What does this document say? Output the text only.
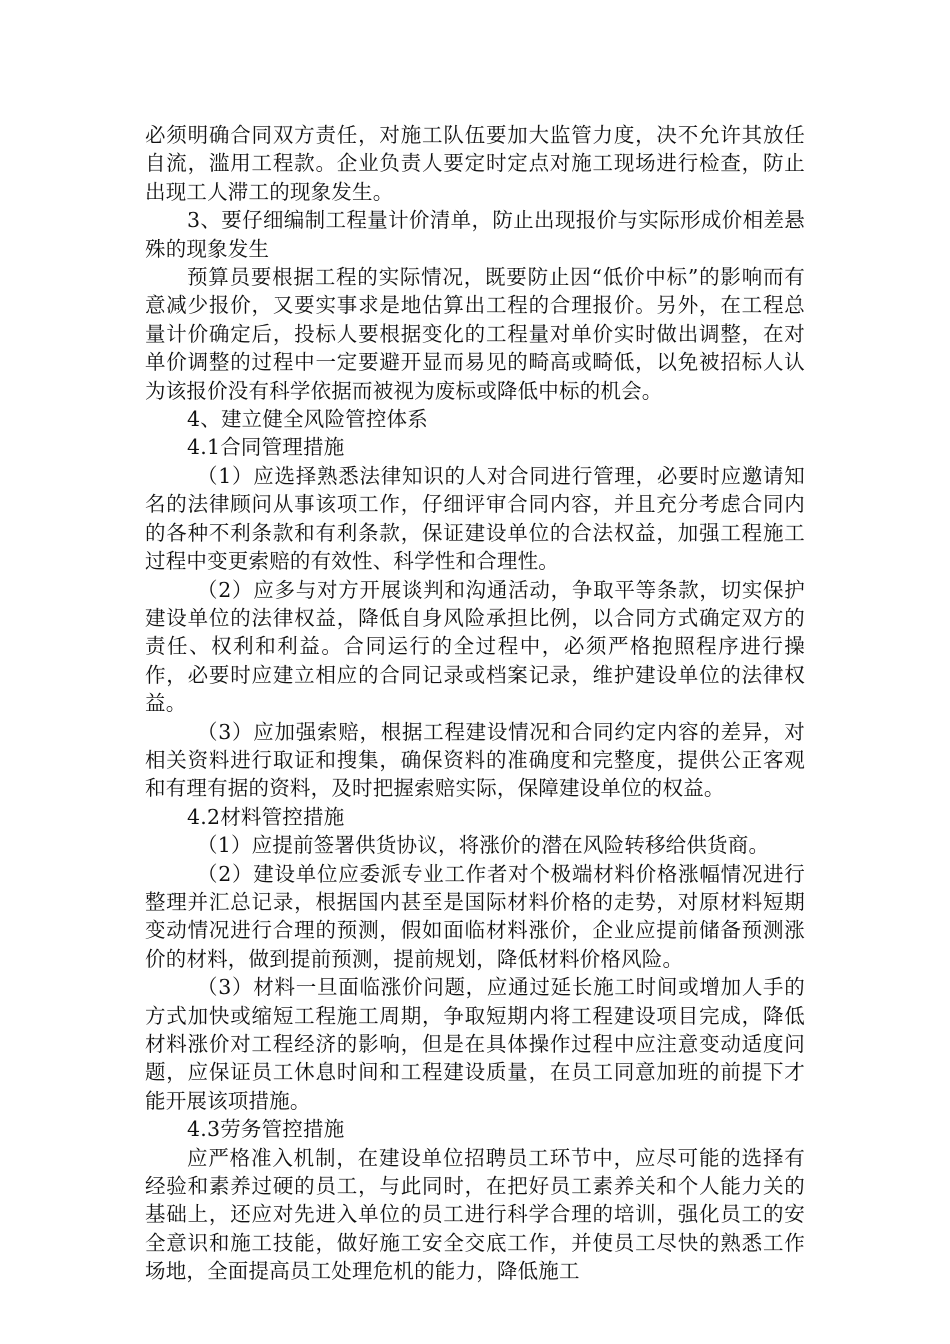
必须明确合同双方责任，对施工队伍要加大监管力度，决不允许其放任自流，滥用工程款。企业负责人要定时定点对施工现场进行检查，防止出现工人滞工的现象发生。

3、要仔细编制工程量计价清单，防止出现报价与实际形成价相差悬殊的现象发生

预算员要根据工程的实际情况，既要防止因“低价中标”的影响而有意减少报价，又要实事求是地估算出工程的合理报价。另外，在工程总量计价确定后，投标人要根据变化的工程量对单价实时做出调整，在对单价调整的过程中一定要避开显而易见的畸高或畸低，以免被招标人认为该报价没有科学依据而被视为废标或降低中标的机会。

4、建立健全风险管控体系

4.1合同管理措施

（1）应选择熟悉法律知识的人对合同进行管理，必要时应邀请知名的法律顾问从事该项工作，仔细评审合同内容，并且充分考虑合同内的各种不利条款和有利条款，保证建设单位的合法权益，加强工程施工过程中变更索赔的有效性、科学性和合理性。

（2）应多与对方开展谈判和沟通活动，争取平等条款，切实保护建设单位的法律权益，降低自身风险承担比例，以合同方式确定双方的责任、权利和利益。合同运行的全过程中，必须严格抱照程序进行操作，必要时应建立相应的合同记录或档案记录，维护建设单位的法律权益。

（3）应加强索赔，根据工程建设情况和合同约定内容的差异，对相关资料进行取证和搜集，确保资料的准确度和完整度，提供公正客观和有理有据的资料，及时把握索赔实际，保障建设单位的权益。

4.2材料管控措施

（1）应提前签署供货协议，将涨价的潜在风险转移给供货商。

（2）建设单位应委派专业工作者对个极端材料价格涨幅情况进行整理并汇总记录，根据国内甚至是国际材料价格的走势，对原材料短期变动情况进行合理的预测，假如面临材料涨价，企业应提前储备预测涨价的材料，做到提前预测，提前规划，降低材料价格风险。

（3）材料一旦面临涨价问题，应通过延长施工时间或增加人手的方式加快或缩短工程施工周期，争取短期内将工程建设项目完成，降低材料涨价对工程经济的影响，但是在具体操作过程中应注意变动适度问题，应保证员工休息时间和工程建设质量，在员工同意加班的前提下才能开展该项措施。

4.3劳务管控措施

应严格准入机制，在建设单位招聘员工环节中，应尽可能的选择有经验和素养过硬的员工，与此同时，在把好员工素养关和个人能力关的基础上，还应对先进入单位的员工进行科学合理的培训，强化员工的安全意识和施工技能，做好施工安全交底工作，并使员工尽快的熟悉工作场地，全面提高员工处理危机的能力，降低施工
